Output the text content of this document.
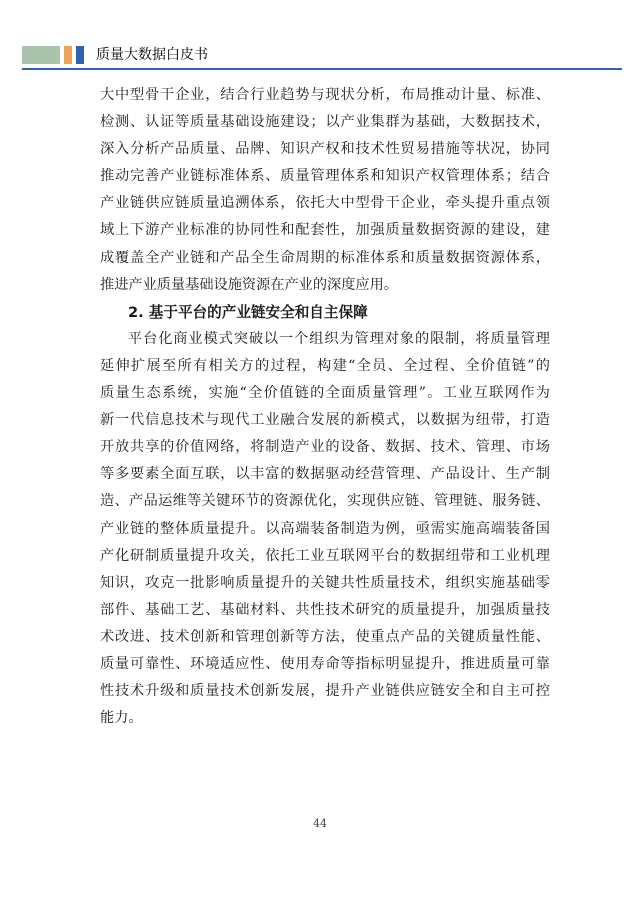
质量大数据白皮书
大中型骨干企业，结合行业趋势与现状分析，布局推动计量、标准、
检测、认证等质量基础设施建设；以产业集群为基础，大数据技术，
深入分析产品质量、品牌、知识产权和技术性贸易措施等状况，协同
推动完善产业链标准体系、质量管理体系和知识产权管理体系；结合
产业链供应链质量追溯体系，依托大中型骨干企业，牵头提升重点领
域上下游产业标准的协同性和配套性，加强质量数据资源的建设，建
成覆盖全产业链和产品全生命周期的标准体系和质量数据资源体系，
推进产业质量基础设施资源在产业的深度应用。
2. 基于平台的产业链安全和自主保障
平台化商业模式突破以一个组织为管理对象的限制，将质量管理
延伸扩展至所有相关方的过程，构建“全员、全过程、全价值链”的
质量生态系统，实施“全价值链的全面质量管理”。工业互联网作为
新一代信息技术与现代工业融合发展的新模式，以数据为纽带，打造
开放共享的价值网络，将制造产业的设备、数据、技术、管理、市场
等多要素全面互联，以丰富的数据驱动经营管理、产品设计、生产制
造、产品运维等关键环节的资源优化，实现供应链、管理链、服务链、
产业链的整体质量提升。以高端装备制造为例，亟需实施高端装备国
产化研制质量提升攻关，依托工业互联网平台的数据纽带和工业机理
知识，攻克一批影响质量提升的关键共性质量技术，组织实施基础零
部件、基础工艺、基础材料、共性技术研究的质量提升，加强质量技
术改进、技术创新和管理创新等方法，使重点产品的关键质量性能、
质量可靠性、环境适应性、使用寿命等指标明显提升，推进质量可靠
性技术升级和质量技术创新发展，提升产业链供应链安全和自主可控
能力。
44
